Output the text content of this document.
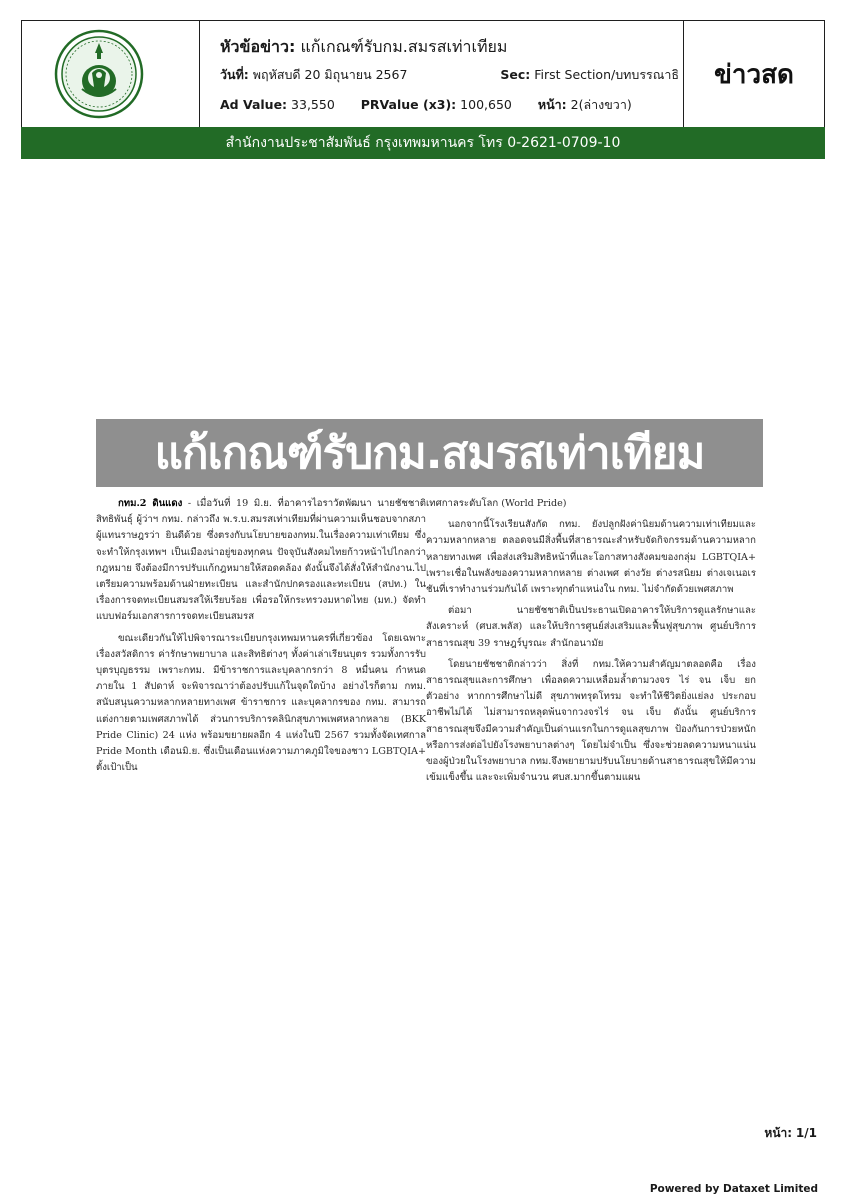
หัวข้อข่าว: แก้เกณฑ์รับกม.สมรสเท่าเทียม
วันที่: พฤหัสบดี 20 มิถุนายน 2567	Sec: First Section/บทบรรณาธิ
Ad Value: 33,550 PRValue (x3): 100,650 หน้า: 2(ล่างขวา)
ข่าวสด
สำนักงานประชาสัมพันธ์ กรุงเทพมหานคร โทร 0-2621-0709-10
แก้เกณฑ์รับกม.สมรสเท่าเทียม

กทม.2 ดินแดง - เมื่อวันที่ 19 มิ.ย. ที่อาคารไอราวัตพัฒนา นายชัชชาติ สิทธิพันธุ์ ผู้ว่าฯ กทม. กล่าวถึง พ.ร.บ.สมรสเท่าเทียมที่ผ่านความเห็นชอบจากสภาผู้แทนราษฎรว่า ยินดีด้วย ซึ่งตรงกับนโยบายของกทม.ในเรื่องความเท่าเทียม ซึ่งจะทำให้กรุงเทพฯ เป็นเมืองน่าอยู่ของทุกคน ปัจจุบันสังคมไทยก้าวหน้าไปไกลกว่ากฎหมาย จึงต้องมีการปรับแก้กฎหมายให้สอดคล้อง ดังนั้นจึงได้สั่งให้สำนักงาน.ไปเตรียมความพร้อมด้านฝ่ายทะเบียน และสำนักปกครองและทะเบียน (สปท.) ในเรื่องการจดทะเบียนสมรสให้เรียบร้อย เพื่อรอให้กระทรวงมหาดไทย (มท.) จัดทำแบบฟอร์มเอกสารการจดทะเบียนสมรส

ขณะเดียวกันให้ไปพิจารณาระเบียบกรุงเทพมหานครที่เกี่ยวข้อง โดยเฉพาะเรื่องสวัสดิการ ค่ารักษาพยาบาล และสิทธิต่างๆ ทั้งค่าเล่าเรียนบุตร รวมทั้งการรับบุตรบุญธรรม เพราะกทม. มีข้าราชการและบุคลากรกว่า 8 หมื่นคน กำหนดภายใน 1 สัปดาห์ จะพิจารณาว่าต้องปรับแก้ในจุดใดบ้าง อย่างไรก็ตาม กทม. สนับสนุนความหลากหลายทางเพศ ข้าราชการ และบุคลากรของ กทม. สามารถแต่งกายตามเพศสภาพได้ ส่วนการบริการคลินิกสุขภาพเพศหลากหลาย (BKK Pride Clinic) 24 แห่ง พร้อมขยายผลอีก 4 แห่งในปี 2567 รวมทั้งจัดเทศกาล Pride Month เดือนมิ.ย. ซึ่งเป็นเดือนแห่งความภาคภูมิใจของชาว LGBTQIA+ ตั้งเป้าเป็น

เทศกาลระดับโลก (World Pride)

นอกจากนี้โรงเรียนสังกัด กทม. ยังปลูกฝังค่านิยมด้านความเท่าเทียมและความหลากหลาย ตลอดจนมีสิ่งพื้นที่สาธารณะสำหรับจัดกิจกรรมด้านความหลากหลายทางเพศ เพื่อส่งเสริมสิทธิหน้าที่และโอกาสทางสังคมของกลุ่ม LGBTQIA+ เพราะเชื่อในพลังของความหลากหลาย ต่างเพศ ต่างวัย ต่างรสนิยม ต่างเจเนอเรชันที่เราทำงานร่วมกันได้ เพราะทุกตำแหน่งใน กทม. ไม่จำกัดด้วยเพศสภาพ

ต่อมา นายชัชชาติเป็นประธานเปิดอาคารให้บริการดูแลรักษาและสังเคราะห์ (ศบส.พลัส) และให้บริการศูนย์ส่งเสริมและฟื้นฟูสุขภาพ ศูนย์บริการสาธารณสุข 39 ราษฎร์บูรณะ สำนักอนามัย

โดยนายชัชชาติกล่าวว่า สิ่งที่ กทม.ให้ความสำคัญมาตลอดคือ เรื่องสาธารณสุขและการศึกษา เพื่อลดความเหลื่อมล้ำตามวงจร ไร่ จน เจ็บ ยกตัวอย่าง หากการศึกษาไม่ดี สุขภาพทรุดโทรม จะทำให้ชีวิตยิ่งแย่ลง ประกอบอาชีพไม่ได้ ไม่สามารถหลุดพ้นจากวงจรไร่ จน เจ็บ ดังนั้น ศูนย์บริการสาธารณสุขจึงมีความสำคัญเป็นด่านแรกในการดูแลสุขภาพ ป้องกันการป่วยหนัก หรือการส่งต่อไปยังโรงพยาบาลต่างๆ โดยไม่จำเป็น ซึ่งจะช่วยลดความหนาแน่นของผู้ป่วยในโรงพยาบาล กทม.จึงพยายามปรับนโยบายด้านสาธารณสุขให้มีความเข้มแข็งขึ้น และจะเพิ่มจำนวน ศบส.มากขึ้นตามแผน

หน้า: 1/1
Powered by Dataxet Limited
